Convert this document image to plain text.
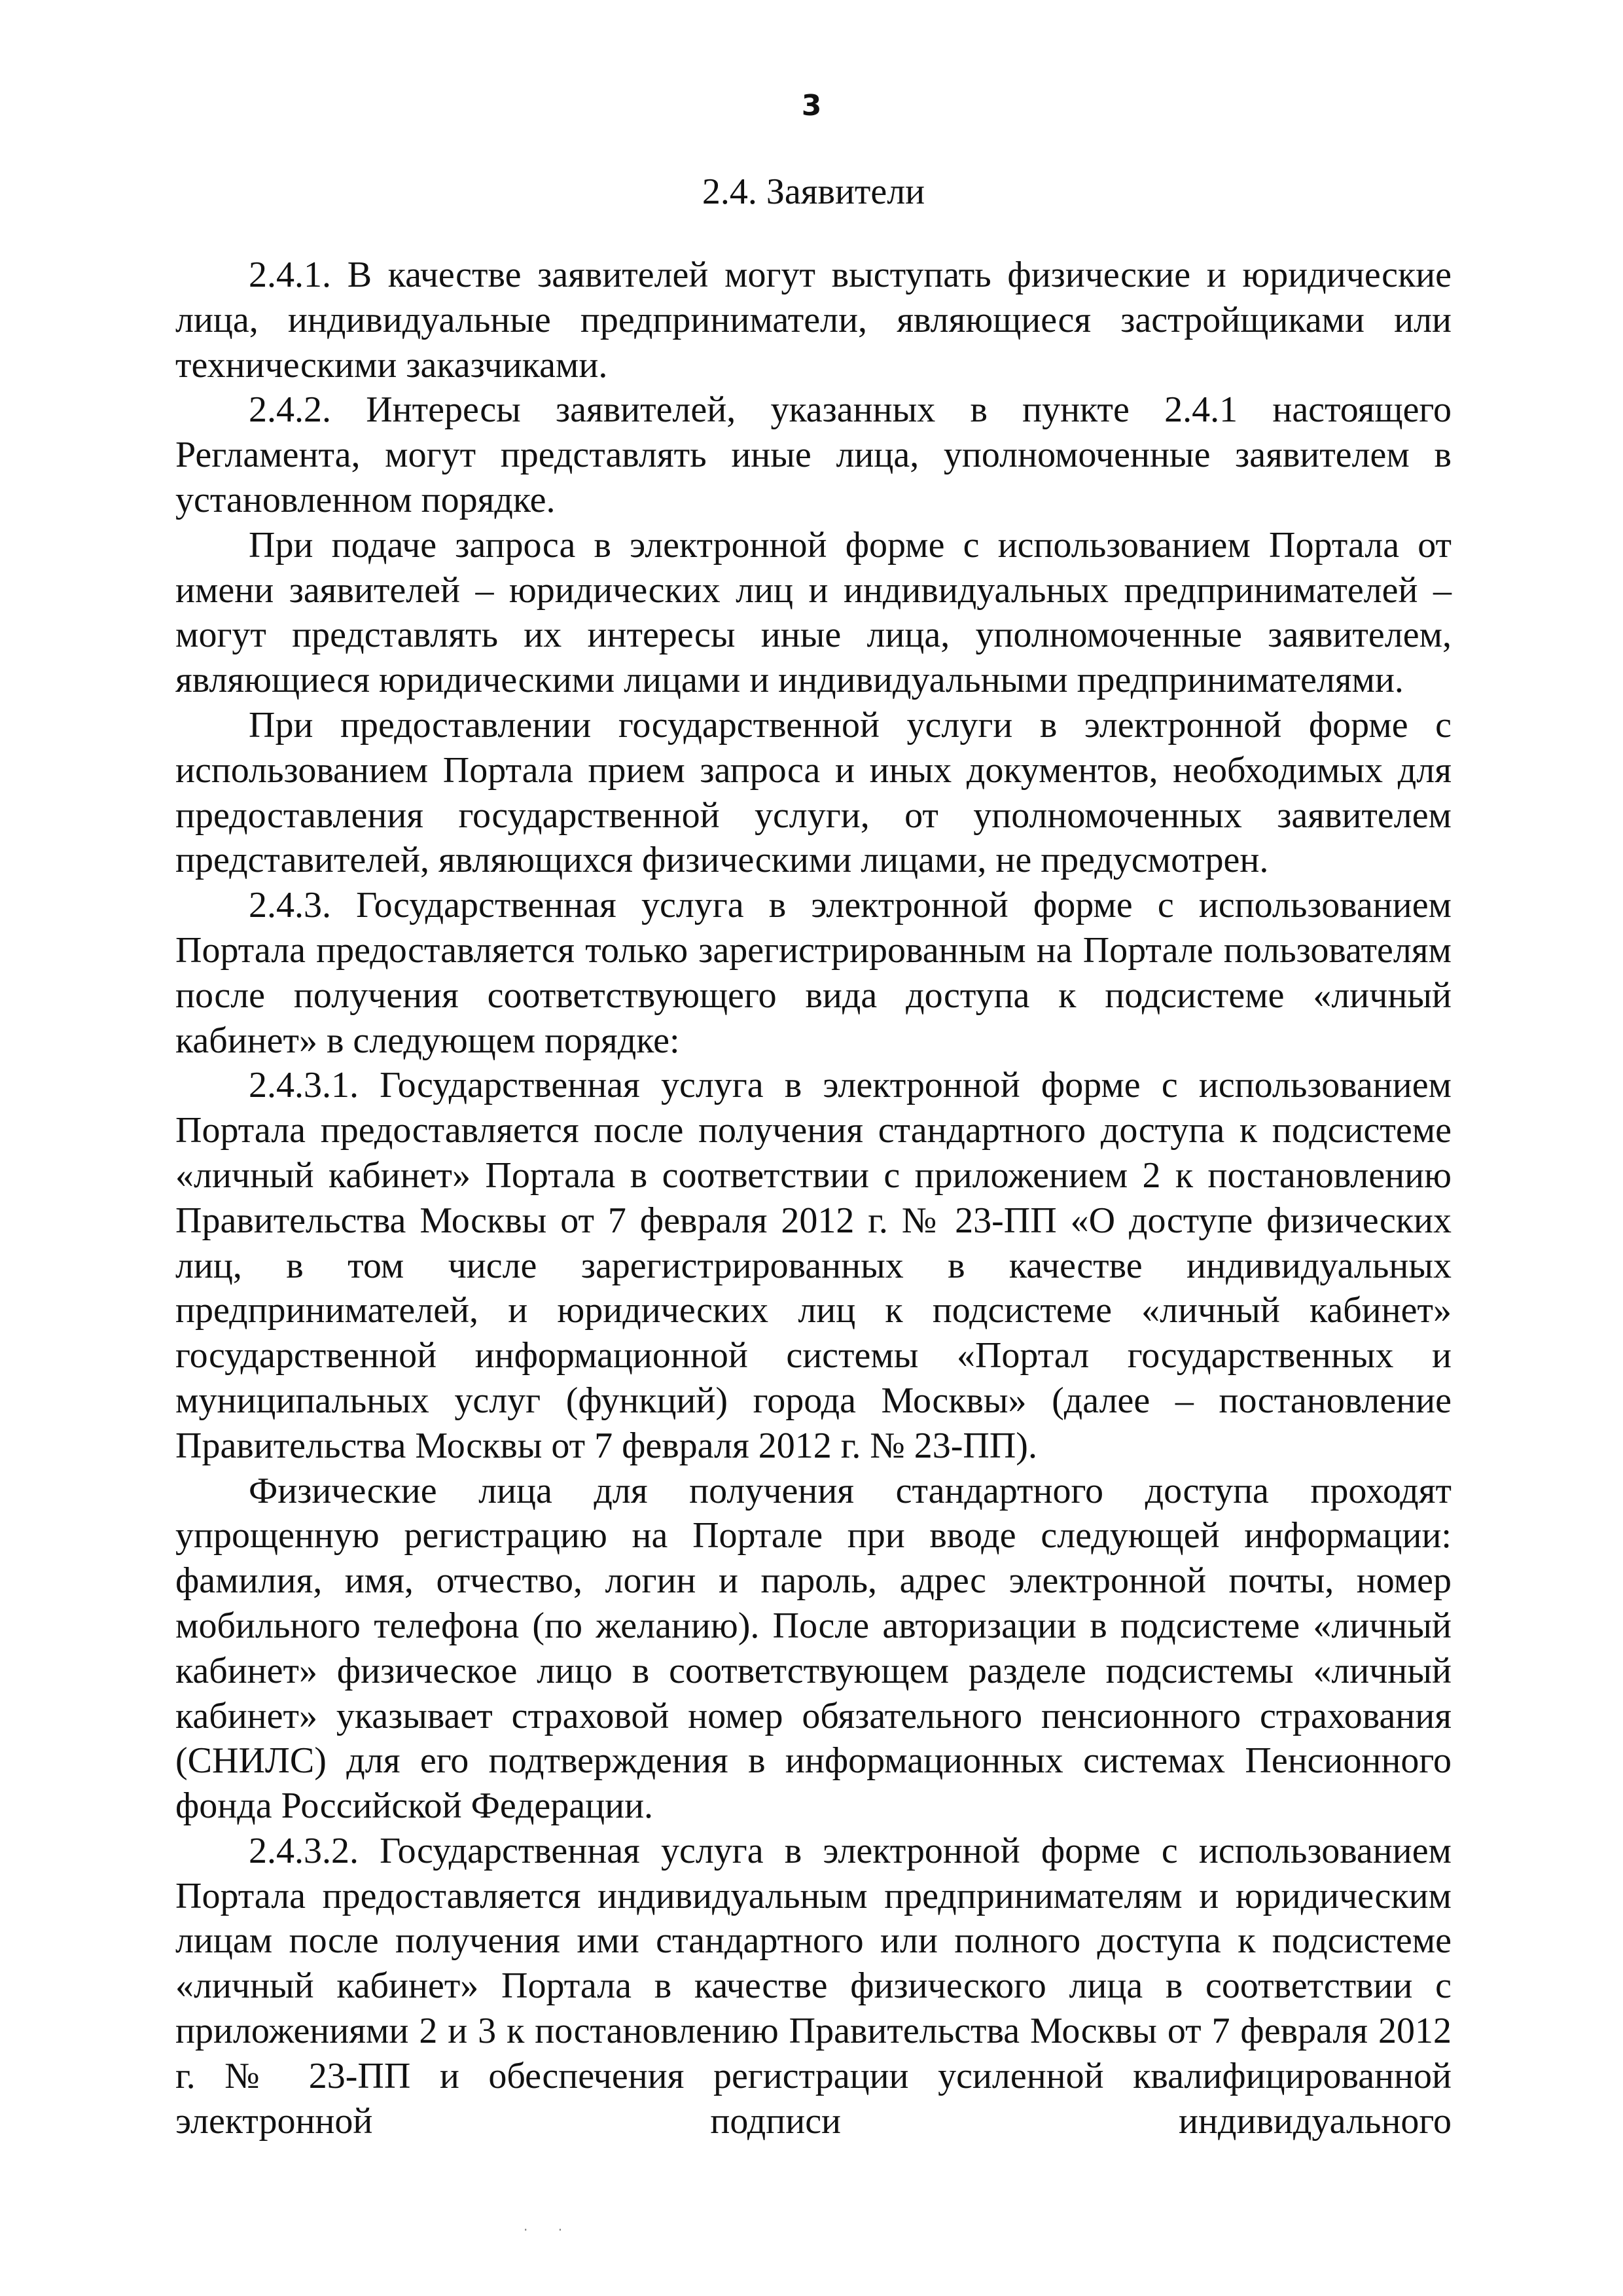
3
2.4. Заявители

2.4.1. В качестве заявителей могут выступать физические и юридические лица, индивидуальные предприниматели, являющиеся застройщиками или техническими заказчиками.

2.4.2. Интересы заявителей, указанных в пункте 2.4.1 настоящего Регламента, могут представлять иные лица, уполномоченные заявителем в установленном порядке.

При подаче запроса в электронной форме с использованием Портала от имени заявителей – юридических лиц и индивидуальных предпринимателей – могут представлять их интересы иные лица, уполномоченные заявителем, являющиеся юридическими лицами и индивидуальными предпринимателями.

При предоставлении государственной услуги в электронной форме с использованием Портала прием запроса и иных документов, необходимых для предоставления государственной услуги, от уполномоченных заявителем представителей, являющихся физическими лицами, не предусмотрен.

2.4.3. Государственная услуга в электронной форме с использованием Портала предоставляется только зарегистрированным на Портале пользователям после получения соответствующего вида доступа к подсистеме «личный кабинет» в следующем порядке:

2.4.3.1. Государственная услуга в электронной форме с использованием Портала предоставляется после получения стандартного доступа к подсистеме «личный кабинет» Портала в соответствии с приложением 2 к постановлению Правительства Москвы от 7 февраля 2012 г. № 23-ПП «О доступе физических лиц, в том числе зарегистрированных в качестве индивидуальных предпринимателей, и юридических лиц к подсистеме «личный кабинет» государственной информационной системы «Портал государственных и муниципальных услуг (функций) города Москвы» (далее – постановление Правительства Москвы от 7 февраля 2012 г. № 23-ПП).

Физические лица для получения стандартного доступа проходят упрощенную регистрацию на Портале при вводе следующей информации: фамилия, имя, отчество, логин и пароль, адрес электронной почты, номер мобильного телефона (по желанию). После авторизации в подсистеме «личный кабинет» физическое лицо в соответствующем разделе подсистемы «личный кабинет» указывает страховой номер обязательного пенсионного страхования (СНИЛС) для его подтверждения в информационных системах Пенсионного фонда Российской Федерации.

2.4.3.2. Государственная услуга в электронной форме с использованием Портала предоставляется индивидуальным предпринимателям и юридическим лицам после получения ими стандартного или полного доступа к подсистеме «личный кабинет» Портала в качестве физического лица в соответствии с приложениями 2 и 3 к постановлению Правительства Москвы от 7 февраля 2012 г. № 23-ПП и обеспечения регистрации усиленной квалифицированной электронной подписи индивидуального

· ·
